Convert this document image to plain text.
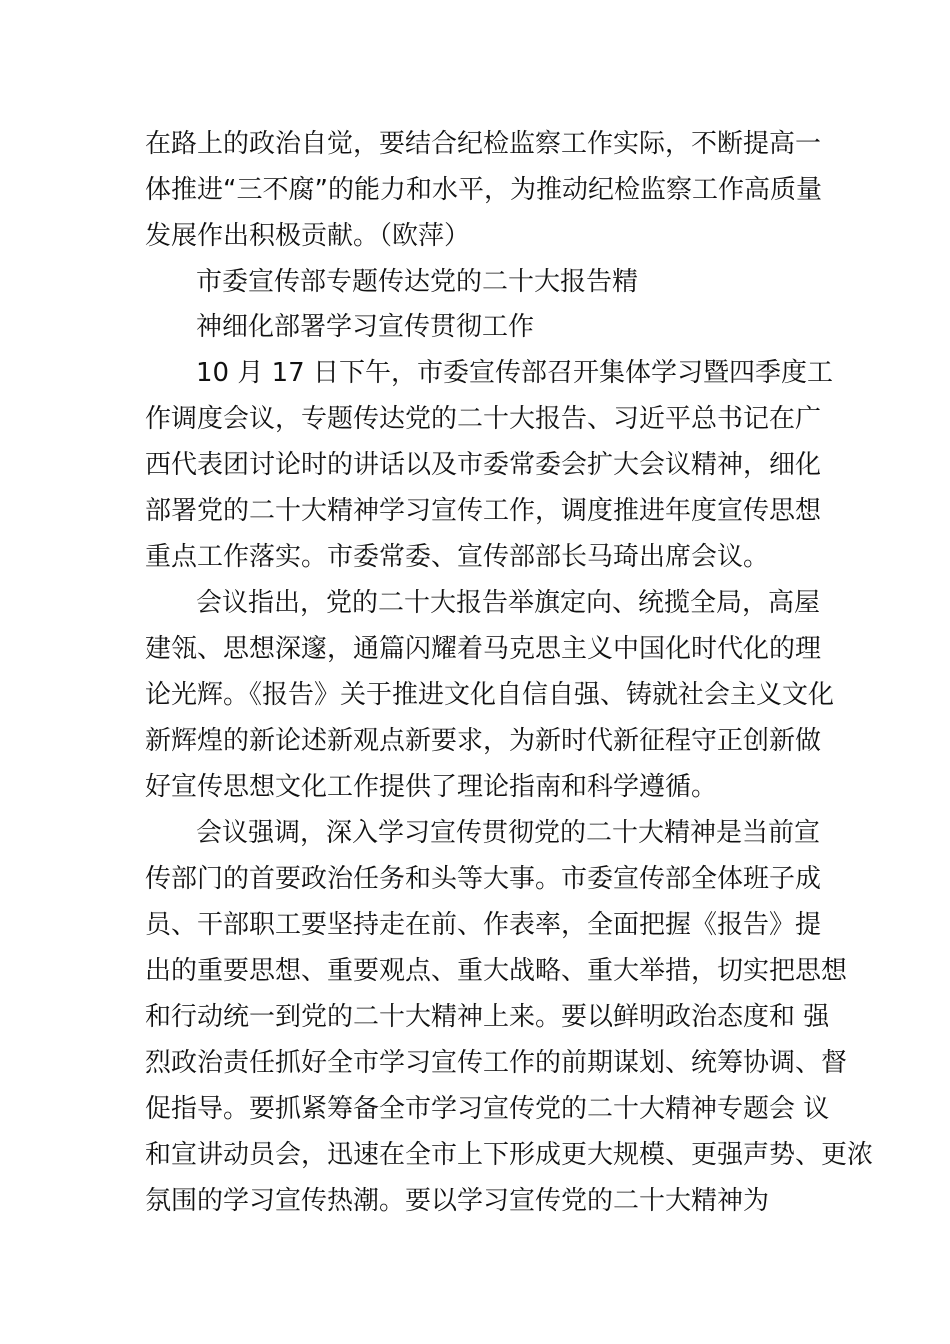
在路上的政治自觉，要结合纪检监察工作实际，不断提高一
体推进“三不腐”的能力和水平，为推动纪检监察工作高质量
发展作出积极贡献。（欧萍）
市委宣传部专题传达党的二十大报告精
神细化部署学习宣传贯彻工作
10 月 17 日下午，市委宣传部召开集体学习暨四季度工
作调度会议，专题传达党的二十大报告、习近平总书记在广
西代表团讨论时的讲话以及市委常委会扩大会议精神，细化
部署党的二十大精神学习宣传工作，调度推进年度宣传思想
重点工作落实。市委常委、宣传部部长马琦出席会议。
会议指出，党的二十大报告举旗定向、统揽全局，高屋
建瓴、思想深邃，通篇闪耀着马克思主义中国化时代化的理
论光辉。《报告》关于推进文化自信自强、铸就社会主义文化
新辉煌的新论述新观点新要求，为新时代新征程守正创新做
好宣传思想文化工作提供了理论指南和科学遵循。
会议强调，深入学习宣传贯彻党的二十大精神是当前宣
传部门的首要政治任务和头等大事。市委宣传部全体班子成
员、干部职工要坚持走在前、作表率，全面把握《报告》提
出的重要思想、重要观点、重大战略、重大举措，切实把思想
和行动统一到党的二十大精神上来。要以鲜明政治态度和 强
烈政治责任抓好全市学习宣传工作的前期谋划、统筹协调、督
促指导。要抓紧筹备全市学习宣传党的二十大精神专题会 议
和宣讲动员会，迅速在全市上下形成更大规模、更强声势、更浓
氛围的学习宣传热潮。要以学习宣传党的二十大精神为
